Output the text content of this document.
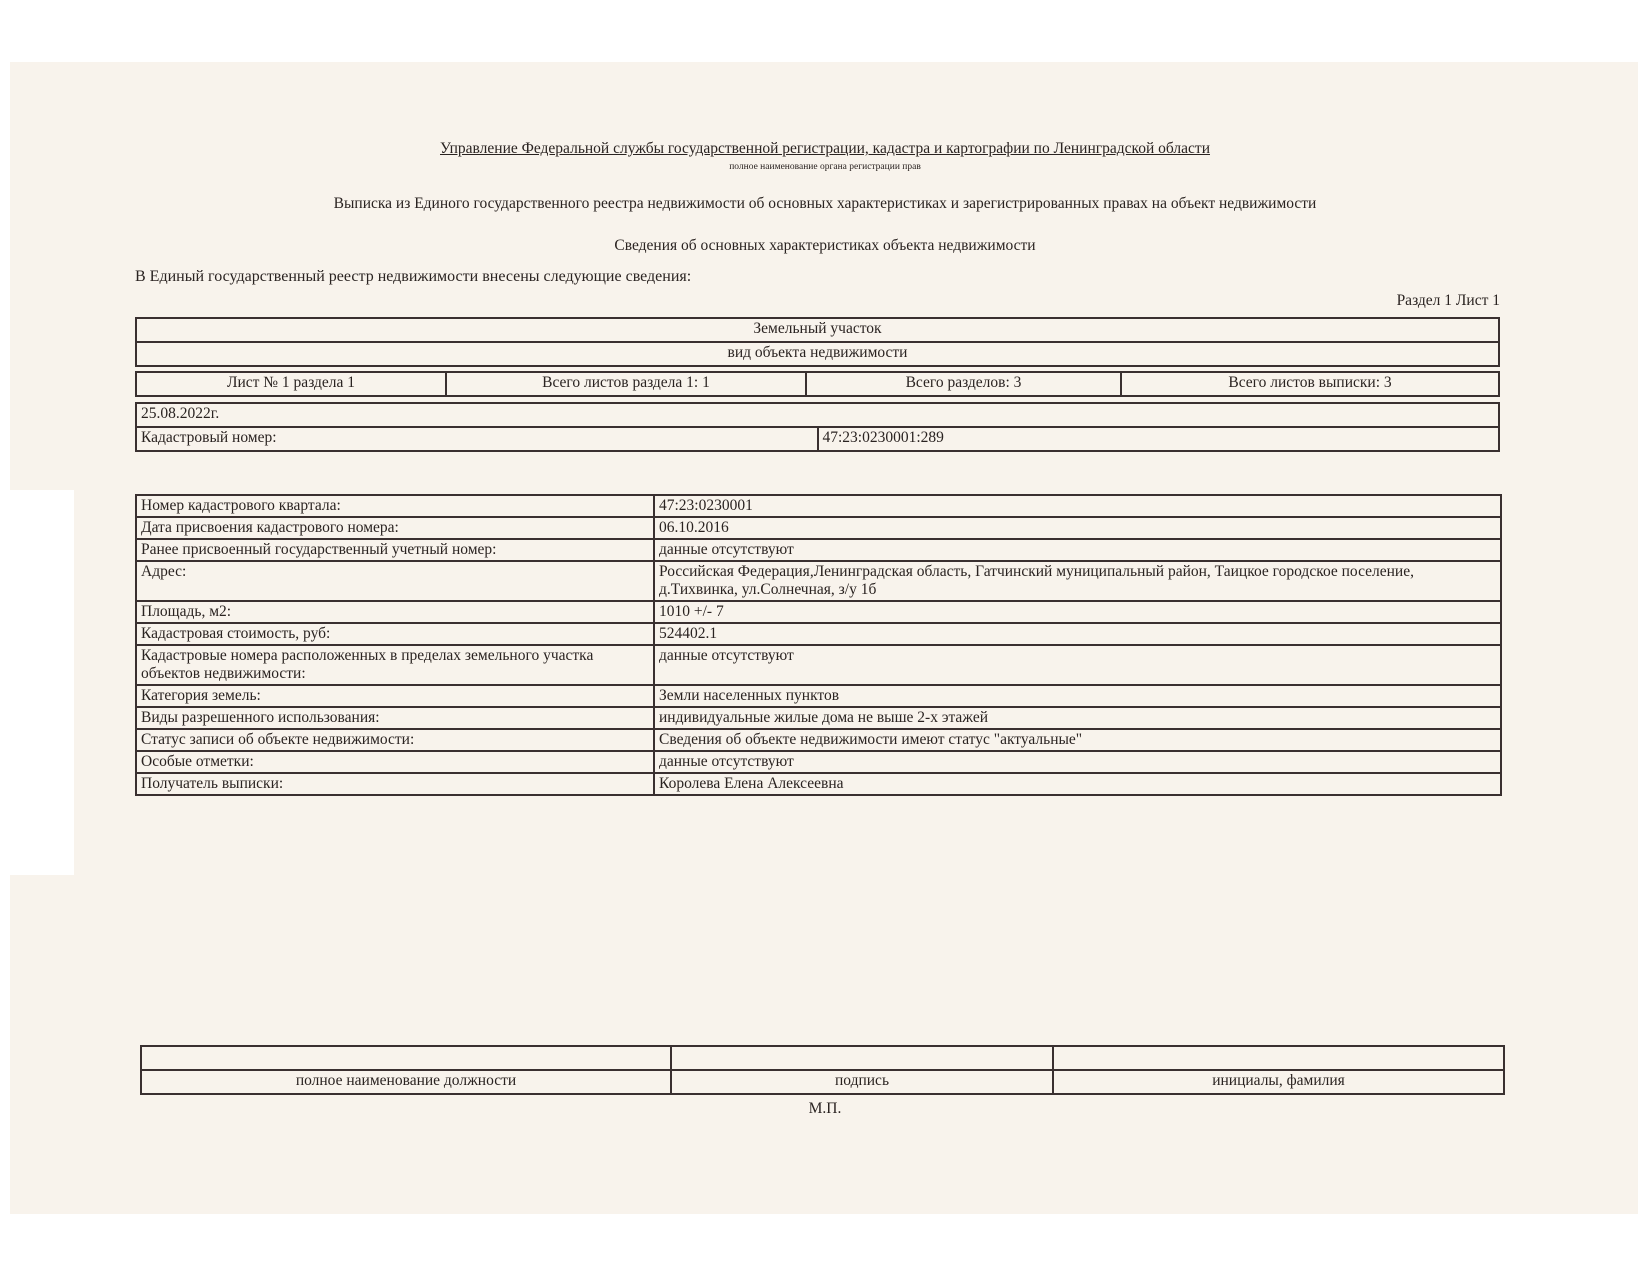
Управление Федеральной службы государственной регистрации, кадастра и картографии по Ленинградской области
полное наименование органа регистрации прав
Выписка из Единого государственного реестра недвижимости об основных характеристиках и зарегистрированных правах на объект недвижимости
Сведения об основных характеристиках объекта недвижимости
В Единый государственный реестр недвижимости внесены следующие сведения:
Раздел 1 Лист 1
Земельный участок
вид объекта недвижимости
Лист № 1 раздела 1	Всего листов раздела 1: 1	Всего разделов: 3	Всего листов выписки: 3
25.08.2022г.
Кадастровый номер:	47:23:0230001:289
Номер кадастрового квартала:	47:23:0230001
Дата присвоения кадастрового номера:	06.10.2016
Ранее присвоенный государственный учетный номер:	данные отсутствуют
Адрес:	Российская Федерация,Ленинградская область, Гатчинский муниципальный район, Таицкое городское поселение, д.Тихвинка, ул.Солнечная, з/у 1б
Площадь, м2:	1010 +/- 7
Кадастровая стоимость, руб:	524402.1
Кадастровые номера расположенных в пределах земельного участка объектов недвижимости:	данные отсутствуют
Категория земель:	Земли населенных пунктов
Виды разрешенного использования:	индивидуальные жилые дома не выше 2-х этажей
Статус записи об объекте недвижимости:	Сведения об объекте недвижимости имеют статус "актуальные"
Особые отметки:	данные отсутствуют
Получатель выписки:	Королева Елена Алексеевна

полное наименование должности	подпись	инициалы, фамилия
М.П.
